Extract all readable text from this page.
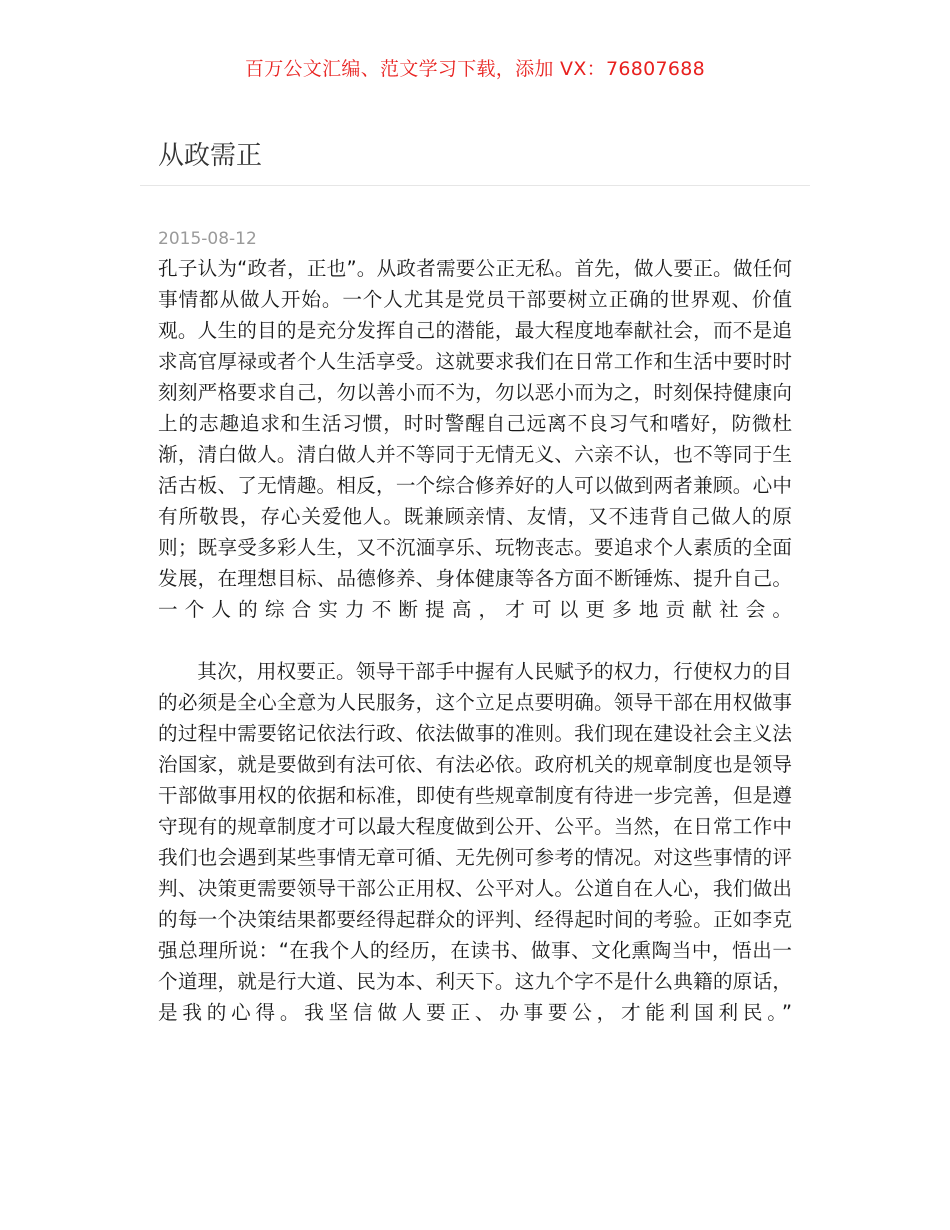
百万公文汇编、范文学习下载，添加 VX：76807688
从政需正
2015-08-12

孔子认为“政者，正也”。从政者需要公正无私。首先，做人要正。做任何事情都从做人开始。一个人尤其是党员干部要树立正确的世界观、价值观。人生的目的是充分发挥自己的潜能，最大程度地奉献社会，而不是追求高官厚禄或者个人生活享受。这就要求我们在日常工作和生活中要时时刻刻严格要求自己，勿以善小而不为，勿以恶小而为之，时刻保持健康向上的志趣追求和生活习惯，时时警醒自己远离不良习气和嗜好，防微杜渐，清白做人。清白做人并不等同于无情无义、六亲不认，也不等同于生活古板、了无情趣。相反，一个综合修养好的人可以做到两者兼顾。心中有所敬畏，存心关爱他人。既兼顾亲情、友情，又不违背自己做人的原则；既享受多彩人生，又不沉湎享乐、玩物丧志。要追求个人素质的全面发展，在理想目标、品德修养、身体健康等各方面不断锤炼、提升自己。一个人的综合实力不断提高，才可以更多地贡献社会。

其次，用权要正。领导干部手中握有人民赋予的权力，行使权力的目的必须是全心全意为人民服务，这个立足点要明确。领导干部在用权做事的过程中需要铭记依法行政、依法做事的准则。我们现在建设社会主义法治国家，就是要做到有法可依、有法必依。政府机关的规章制度也是领导干部做事用权的依据和标准，即使有些规章制度有待进一步完善，但是遵守现有的规章制度才可以最大程度做到公开、公平。当然，在日常工作中我们也会遇到某些事情无章可循、无先例可参考的情况。对这些事情的评判、决策更需要领导干部公正用权、公平对人。公道自在人心，我们做出的每一个决策结果都要经得起群众的评判、经得起时间的考验。正如李克强总理所说：“在我个人的经历，在读书、做事、文化熏陶当中，悟出一个道理，就是行大道、民为本、利天下。这九个字不是什么典籍的原话，是我的心得。我坚信做人要正、办事要公，才能利国利民。”
